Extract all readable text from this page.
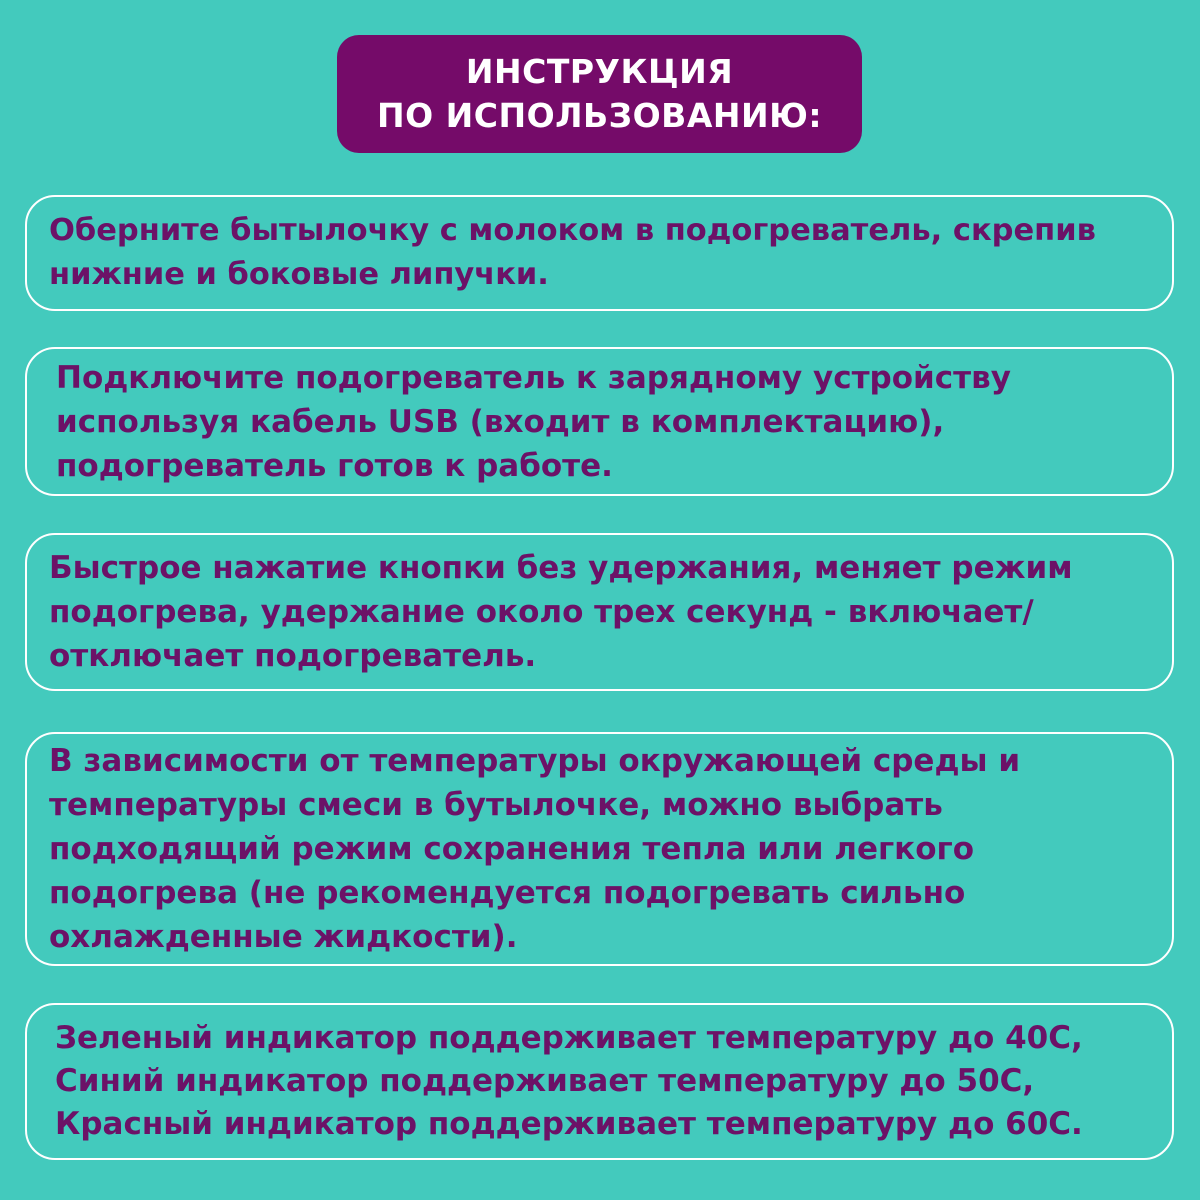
ИНСТРУКЦИЯ
ПО ИСПОЛЬЗОВАНИЮ:

Оберните бытылочку с молоком в подогреватель, скрепив
нижние и боковые липучки.

Подключите подогреватель к зарядному устройству
используя кабель USB (входит в комплектацию),
подогреватель готов к работе.

Быстрое нажатие кнопки без удержания, меняет режим
подогрева, удержание около трех секунд - включает/
отключает подогреватель.

В зависимости от температуры окружающей среды и
температуры смеси в бутылочке, можно выбрать
подходящий режим сохранения тепла или легкого
подогрева (не рекомендуется подогревать сильно
охлажденные жидкости).

Зеленый индикатор поддерживает температуру до 40С,
Синий индикатор поддерживает температуру до 50С,
Красный индикатор поддерживает температуру до 60С.
